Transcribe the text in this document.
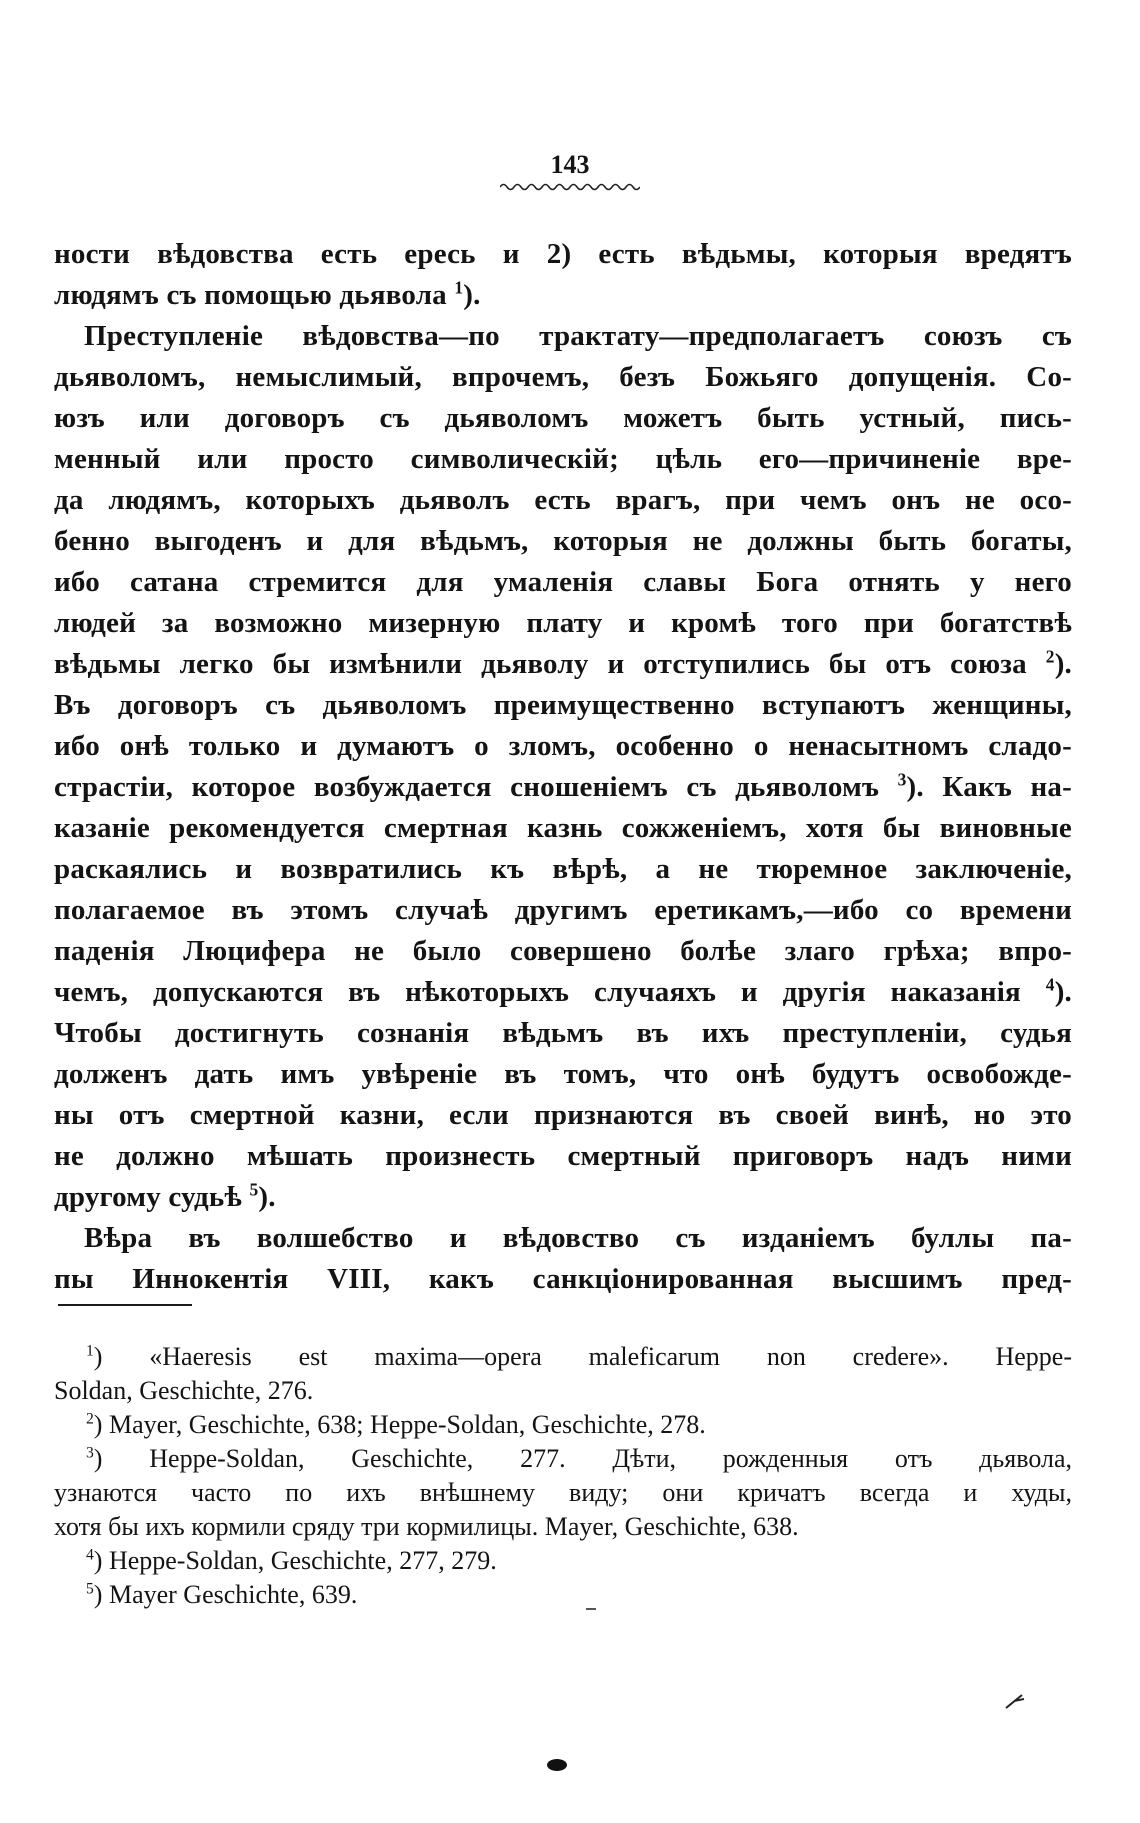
143
ности вѣдовства есть ересь и 2) есть вѣдьмы, которыя вредятъ
людямъ съ помощью дьявола $^1$).
Преступленіе вѣдовства—по трактату—предполагаетъ союзъ съ
дьяволомъ, немыслимый, впрочемъ, безъ Божьяго допущенія. Со-
юзъ или договоръ съ дьяволомъ можетъ быть устный, пись-
менный или просто символическій; цѣль его—причиненіе вре-
да людямъ, которыхъ дьяволъ есть врагъ, при чемъ онъ не осо-
бенно выгоденъ и для вѣдьмъ, которыя не должны быть богаты,
ибо сатана стремится для умаленія славы Бога отнять у него
людей за возможно мизерную плату и кромѣ того при богатствѣ
вѣдьмы легко бы измѣнили дьяволу и отступились бы отъ союза $^2$).
Въ договоръ съ дьяволомъ преимущественно вступаютъ женщины,
ибо онѣ только и думаютъ о зломъ, особенно о ненасытномъ сладо-
страстіи, которое возбуждается сношеніемъ съ дьяволомъ $^3$). Какъ на-
казаніе рекомендуется смертная казнь сожженіемъ, хотя бы виновные
раскаялись и возвратились къ вѣрѣ, а не тюремное заключеніе,
полагаемое въ этомъ случаѣ другимъ еретикамъ,—ибо со времени
паденія Люцифера не было совершено болѣе злаго грѣха; впро-
чемъ, допускаются въ нѣкоторыхъ случаяхъ и другія наказанія $^4$).
Чтобы достигнуть сознанія вѣдьмъ въ ихъ преступленіи, судья
долженъ дать имъ увѣреніе въ томъ, что онѣ будутъ освобожде-
ны отъ смертной казни, если признаются въ своей винѣ, но это
не должно мѣшать произнесть смертный приговоръ надъ ними
другому судьѣ $^5$).
Вѣра въ волшебство и вѣдовство съ изданіемъ буллы па-
пы Иннокентія VIII, какъ санкціонированная высшимъ пред-
$^1$) «Haeresis est maxima—opera maleficarum non credere». Heppe-
Soldan, Geschichte, 276.
$^2$) Mayer, Geschichte, 638; Heppe-Soldan, Geschichte, 278.
$^3$) Heppe-Soldan, Geschichte, 277. Дѣти, рожденныя отъ дьявола,
узнаются часто по ихъ внѣшнему виду; они кричатъ всегда и худы,
хотя бы ихъ кормили сряду три кормилицы. Mayer, Geschichte, 638.
$^4$) Heppe-Soldan, Geschichte, 277, 279.
$^5$) Mayer Geschichte, 639.
